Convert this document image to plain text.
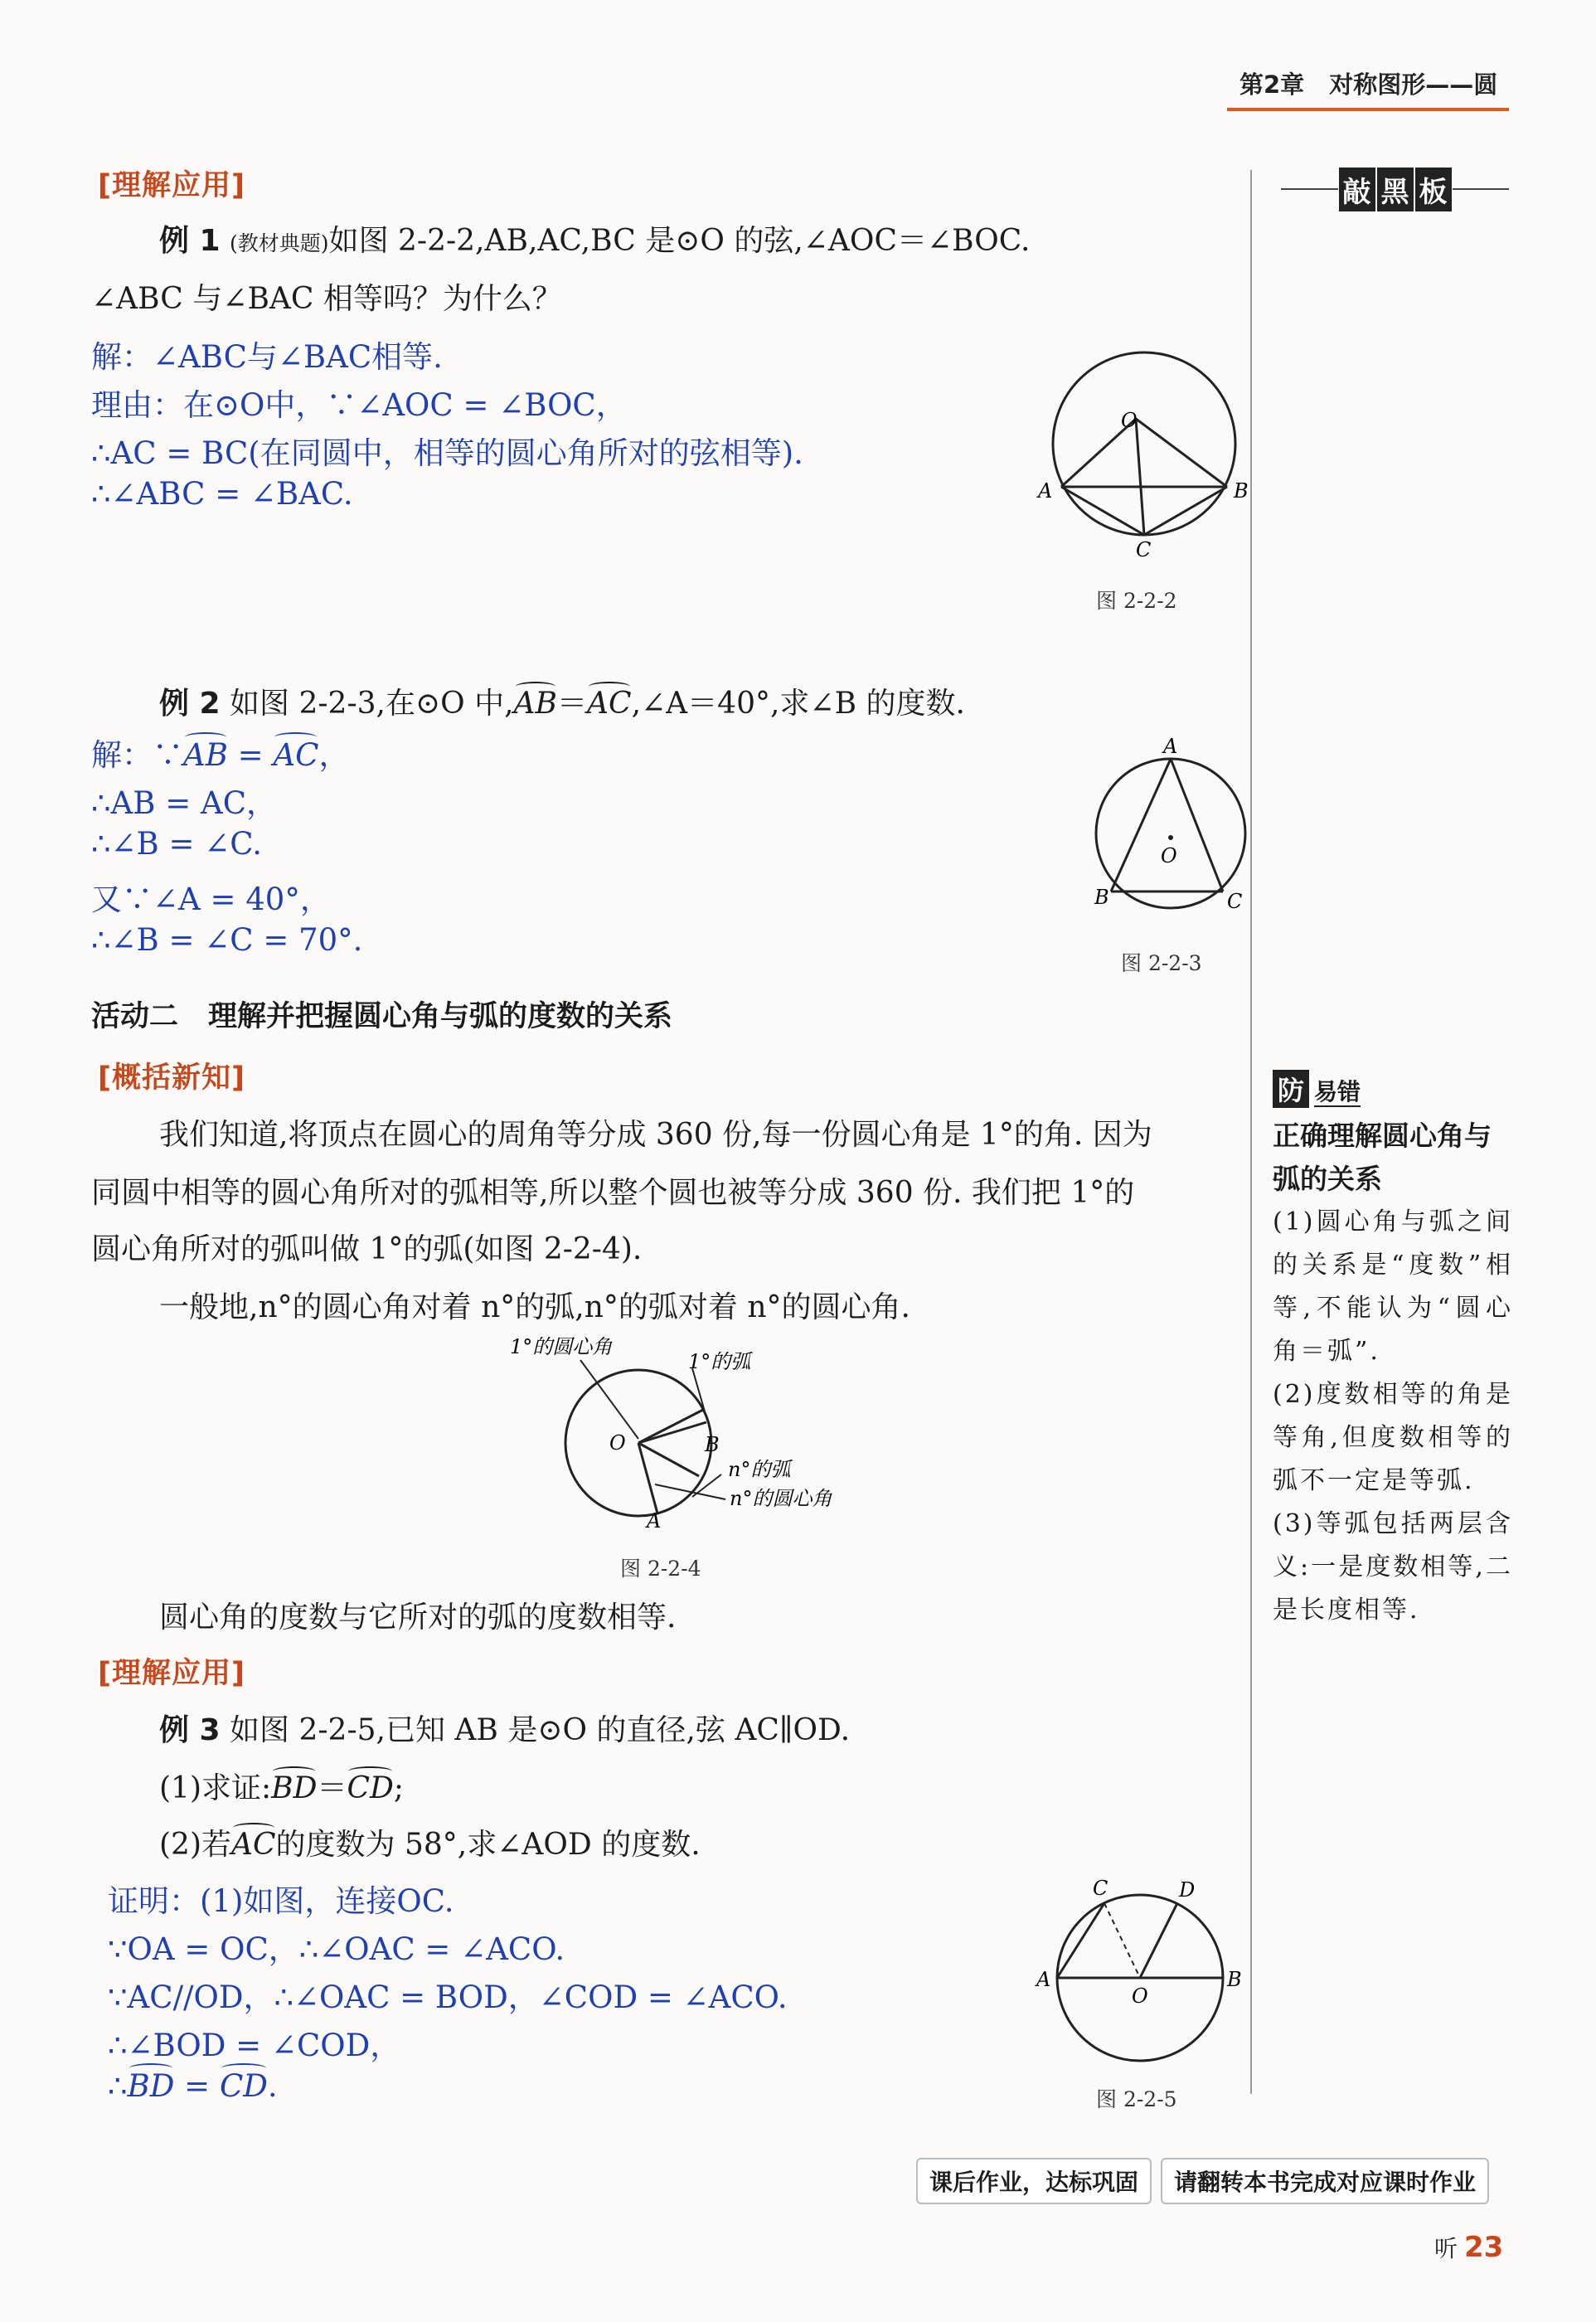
第2章 对称图形——圆
敲 黑 板
[理解应用]
例 1 (教材典题)如图 2-2-2,AB,AC,BC 是⊙O 的弦,∠AOC＝∠BOC.
∠ABC 与∠BAC 相等吗？为什么？
解：∠ABC与∠BAC相等.
理由：在⊙O中，∵∠AOC = ∠BOC，
∴AC = BC(在同圆中，相等的圆心角所对的弦相等).
∴∠ABC = ∠BAC.
O
A	B
C
图 2-2-2
例 2 如图 2-2-3,在⊙O 中,AB＝AC,∠A＝40°,求∠B 的度数.
解：∵AB = AC，
∴AB = AC，
∴∠B = ∠C.
又∵∠A = 40°，
∴∠B = ∠C = 70°.
A
O
B	C
图 2-2-3
活动二 理解并把握圆心角与弧的度数的关系
[概括新知]
我们知道,将顶点在圆心的周角等分成 360 份,每一份圆心角是 1°的角. 因为
同圆中相等的圆心角所对的弧相等,所以整个圆也被等分成 360 份. 我们把 1°的
圆心角所对的弧叫做 1°的弧(如图 2-2-4).
一般地,n°的圆心角对着 n°的弧,n°的弧对着 n°的圆心角.
O	B
A
1°的圆心角
1°的弧
n°的弧
n°的圆心角
图 2-2-4
圆心角的度数与它所对的弧的度数相等.
[理解应用]
例 3 如图 2-2-5,已知 AB 是⊙O 的直径,弦 AC∥OD.
(1)求证:BD＝CD;
(2)若AC的度数为 58°,求∠AOD 的度数.
证明：(1)如图，连接OC.
∵OA = OC，∴∠OAC = ∠ACO.
∵AC//OD，∴∠OAC = BOD，∠COD = ∠ACO.
∴∠BOD = ∠COD，
∴BD = CD.
C	D
A	B
O
图 2-2-5
防 易错
正确理解圆心角与弧的关系
(1)圆心角与弧之间的关系是“度数”相等,不能认为“圆心角＝弧”.
(2)度数相等的角是等角,但度数相等的弧不一定是等弧.
(3)等弧包括两层含义:一是度数相等,二是长度相等.
课后作业，达标巩固	请翻转本书完成对应课时作业
听 23
